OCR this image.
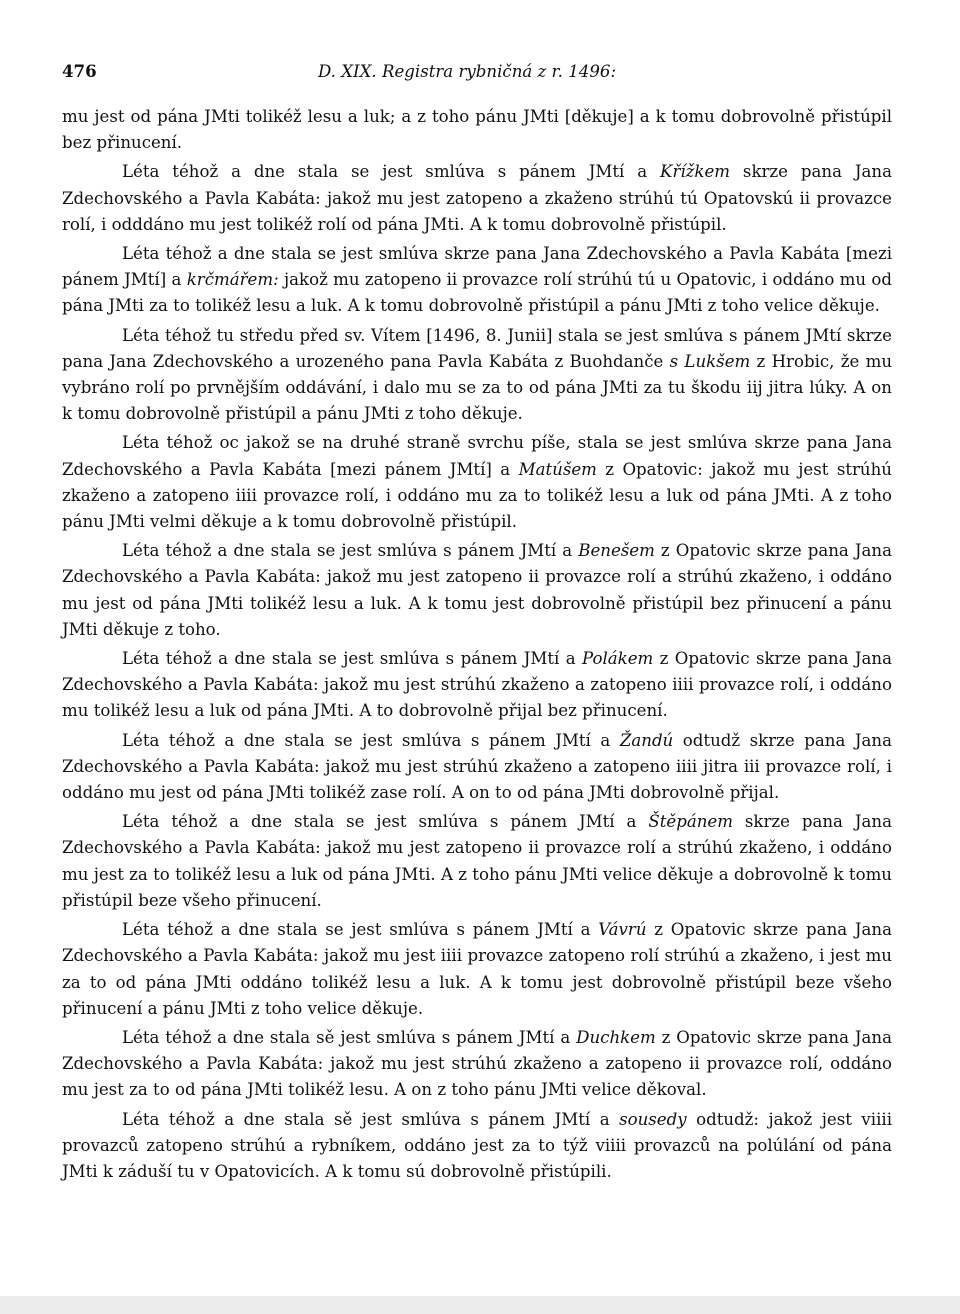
476	D. XIX. Registra rybničná z r. 1496:

mu jest od pána JMti tolikéž lesu a luk; a z toho pánu JMti [děkuje] a k tomu dobrovolně přistúpil bez přinucení.

Léta téhož a dne stala se jest smlúva s pánem JMtí a Křížkem skrze pana Jana Zdechovského a Pavla Kabáta: jakož mu jest zatopeno a zkaženo strúhú tú Opatovskú ii provazce rolí, i odddáno mu jest tolikéž rolí od pána JMti. A k tomu dobrovolně přistúpil.

Léta téhož a dne stala se jest smlúva skrze pana Jana Zdechovského a Pavla Kabáta [mezi pánem JMtí] a krčmářem: jakož mu zatopeno ii provazce rolí strúhú tú u Opatovic, i oddáno mu od pána JMti za to tolikéž lesu a luk. A k tomu dobrovolně přistúpil a pánu JMti z toho velice děkuje.

Léta téhož tu středu před sv. Vítem [1496, 8. Junii] stala se jest smlúva s pánem JMtí skrze pana Jana Zdechovského a urozeného pana Pavla Kabáta z Buohdanče s Lukšem z Hrobic, že mu vybráno rolí po prvnějším oddávání, i dalo mu se za to od pána JMti za tu škodu iij jitra lúky. A on k tomu dobrovolně přistúpil a pánu JMti z toho děkuje.

Léta téhož oc jakož se na druhé straně svrchu píše, stala se jest smlúva skrze pana Jana Zdechovského a Pavla Kabáta [mezi pánem JMtí] a Matúšem z Opatovic: jakož mu jest strúhú zkaženo a zatopeno iiii provazce rolí, i oddáno mu za to tolikéž lesu a luk od pána JMti. A z toho pánu JMti velmi děkuje a k tomu dobrovolně přistúpil.

Léta téhož a dne stala se jest smlúva s pánem JMtí a Benešem z Opatovic skrze pana Jana Zdechovského a Pavla Kabáta: jakož mu jest zatopeno ii provazce rolí a strúhú zkaženo, i oddáno mu jest od pána JMti tolikéž lesu a luk. A k tomu jest dobrovolně přistúpil bez přinucení a pánu JMti děkuje z toho.

Léta téhož a dne stala se jest smlúva s pánem JMtí a Polákem z Opatovic skrze pana Jana Zdechovského a Pavla Kabáta: jakož mu jest strúhú zkaženo a zatopeno iiii provazce rolí, i oddáno mu tolikéž lesu a luk od pána JMti. A to dobrovolně přijal bez přinucení.

Léta téhož a dne stala se jest smlúva s pánem JMtí a Žandú odtudž skrze pana Jana Zdechovského a Pavla Kabáta: jakož mu jest strúhú zkaženo a zatopeno iiii jitra iii provazce rolí, i oddáno mu jest od pána JMti tolikéž zase rolí. A on to od pána JMti dobrovolně přijal.

Léta téhož a dne stala se jest smlúva s pánem JMtí a Štěpánem skrze pana Jana Zdechovského a Pavla Kabáta: jakož mu jest zatopeno ii provazce rolí a strúhú zkaženo, i oddáno mu jest za to tolikéž lesu a luk od pána JMti. A z toho pánu JMti velice děkuje a dobrovolně k tomu přistúpil beze všeho přinucení.

Léta téhož a dne stala se jest smlúva s pánem JMtí a Vávrú z Opatovic skrze pana Jana Zdechovského a Pavla Kabáta: jakož mu jest iiii provazce zatopeno rolí strúhú a zkaženo, i jest mu za to od pána JMti oddáno tolikéž lesu a luk. A k tomu jest dobrovolně přistúpil beze všeho přinucení a pánu JMti z toho velice děkuje.

Léta téhož a dne stala sě jest smlúva s pánem JMtí a Duchkem z Opatovic skrze pana Jana Zdechovského a Pavla Kabáta: jakož mu jest strúhú zkaženo a zatopeno ii provazce rolí, oddáno mu jest za to od pána JMti tolikéž lesu. A on z toho pánu JMti velice děkoval.

Léta téhož a dne stala sě jest smlúva s pánem JMtí a sousedy odtudž: jakož jest viiii provazců zatopeno strúhú a rybníkem, oddáno jest za to týž viiii provazců na polúlání od pána JMti k záduší tu v Opatovicích. A k tomu sú dobrovolně přistúpili.
